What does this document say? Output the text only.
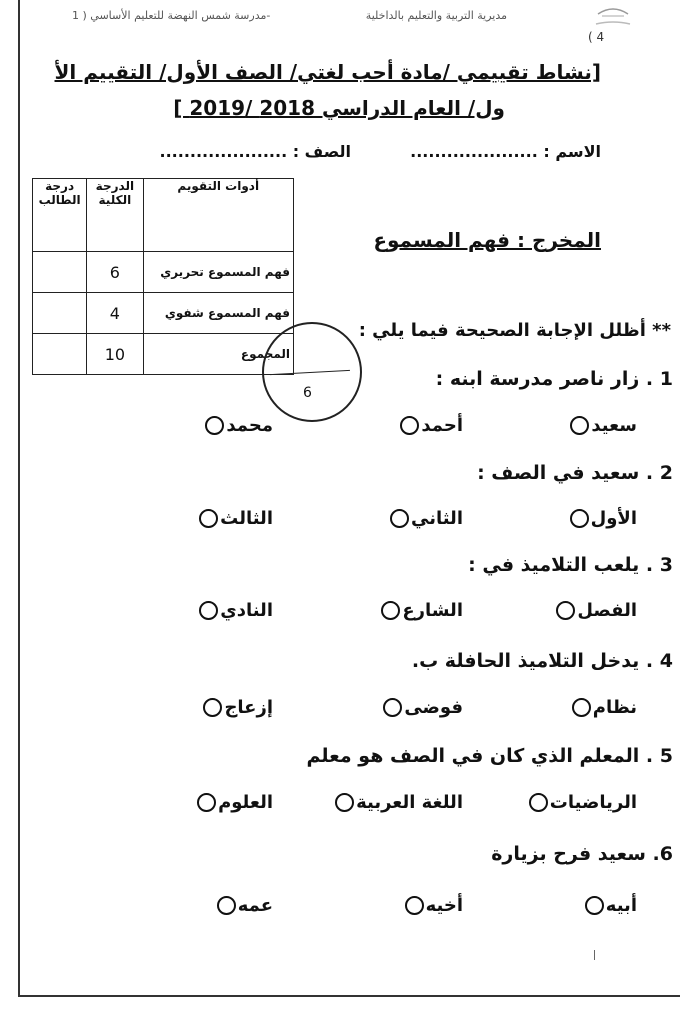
مديرية التربية والتعليم بالداخلية
مدرسة شمس النهضة للتعليم الأساسي ( 1-
( 4
[نشاط تقييمي /مادة أحب لغتي/ الصف الأول/ التقييم الأ
ول/ العام الدراسي 2018 /2019 ]
الاسم : .....................
الصف : .....................
درجة الطالب	الدرجة الكلية	أدوات التقويم
	6	فهم المسموع تحريري
	4	فهم المسموع شفوي
	10	المجموع
6
المخرج : فهم المسموع
** أظلل الإجابة الصحيحة فيما يلي :
1 . زار ناصر مدرسة ابنه :
سعيد
أحمد
محمد
2 . سعيد في الصف :
الأول
الثاني
الثالث
3 . يلعب التلاميذ في :
الفصل
الشارع
النادي
4 . يدخل التلاميذ الحافلة ب.
نظام
فوضى
إزعاج
5 . المعلم الذي كان في الصف هو معلم
الرياضيات
اللغة العربية
العلوم
6. سعيد فرح بزيارة
أبيه
أخيه
عمه
